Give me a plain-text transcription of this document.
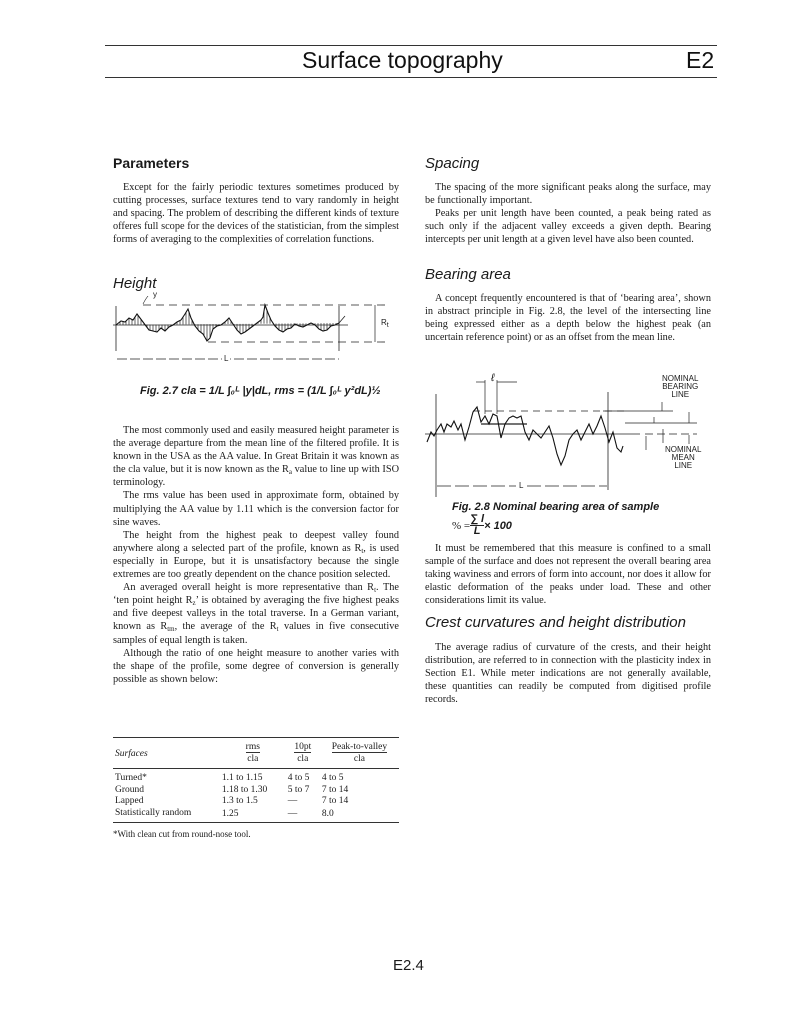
Surface topography	E2
Parameters

Except for the fairly periodic textures sometimes produced by cutting processes, surface textures tend to vary randomly in height and spacing. The problem of describing the different kinds of texture offeres full scope for the devices of the statistician, from the simplest forms of averaging to the complexities of correlation functions.

Height
y
$R_t$
L
Fig. 2.7 cla = 1/L ∫₀ᴸ |y|dL, rms = (1/L ∫₀ᴸ y²dL)½

The most commonly used and easily measured height parameter is the average departure from the mean line of the filtered profile. It is known in the USA as the AA value. In Great Britain it was known as the cla value, but it is now known as the $R_a$ value to line up with ISO terminology.

The rms value has been used in approximate form, obtained by multiplying the AA value by 1.11 which is the conversion factor for sine waves.

The height from the highest peak to deepest valley found anywhere along a selected part of the profile, known as $R_t$, is used especially in Europe, but it is unsatisfactory because the single extremes are too greatly dependent on the chance position selected.

An averaged overall height is more representative than $R_t$. The ‘ten point height $R_z$’ is obtained by averaging the five highest peaks and five deepest valleys in the total traverse. In a German variant, known as $R_{tm}$, the average of the $R_t$ values in five consecutive samples of equal length is taken.

Although the ratio of one height measure to another varies with the shape of the profile, some degree of conversion is generally possible as shown below:

Surfaces	rms	10pt	Peak-to-valley
	cla	cla	cla
Turned*	1.1 to 1.15	4 to 5	4 to 5
Ground	1.18 to 1.30	5 to 7	7 to 14
Lapped	1.3 to 1.5	—	7 to 14
Statistically random	1.25	—	8.0
*With clean cut from round-nose tool.
Spacing

The spacing of the more significant peaks along the surface, may be functionally important.

Peaks per unit length have been counted, a peak being rated as such only if the adjacent valley exceeds a given depth. Bearing intercepts per unit length at a given level have also been counted.

Bearing area

A concept frequently encountered is that of ‘bearing area’, shown in abstract principle in Fig. 2.8, the level of the intersecting line being expressed either as a depth below the highest peak (an uncertain reference point) or as an offset from the mean line.

ℓ	NOMINAL
BEARING
LINE
NOMINAL
MEAN
LINE
L
Fig. 2.8 Nominal bearing area of sample
% = $\frac{\sum l}{L} \times 100$

It must be remembered that this measure is confined to a small sample of the surface and does not represent the overall bearing area taking waviness and errors of form into account, nor does it allow for elastic deformation of the peaks under load. These and other considerations limit its value.

Crest curvatures and height distribution

The average radius of curvature of the crests, and their height distribution, are referred to in connection with the plasticity index in Section E1. While meter indications are not generally available, these quantities can readily be computed from digitised profile records.

E2.4
